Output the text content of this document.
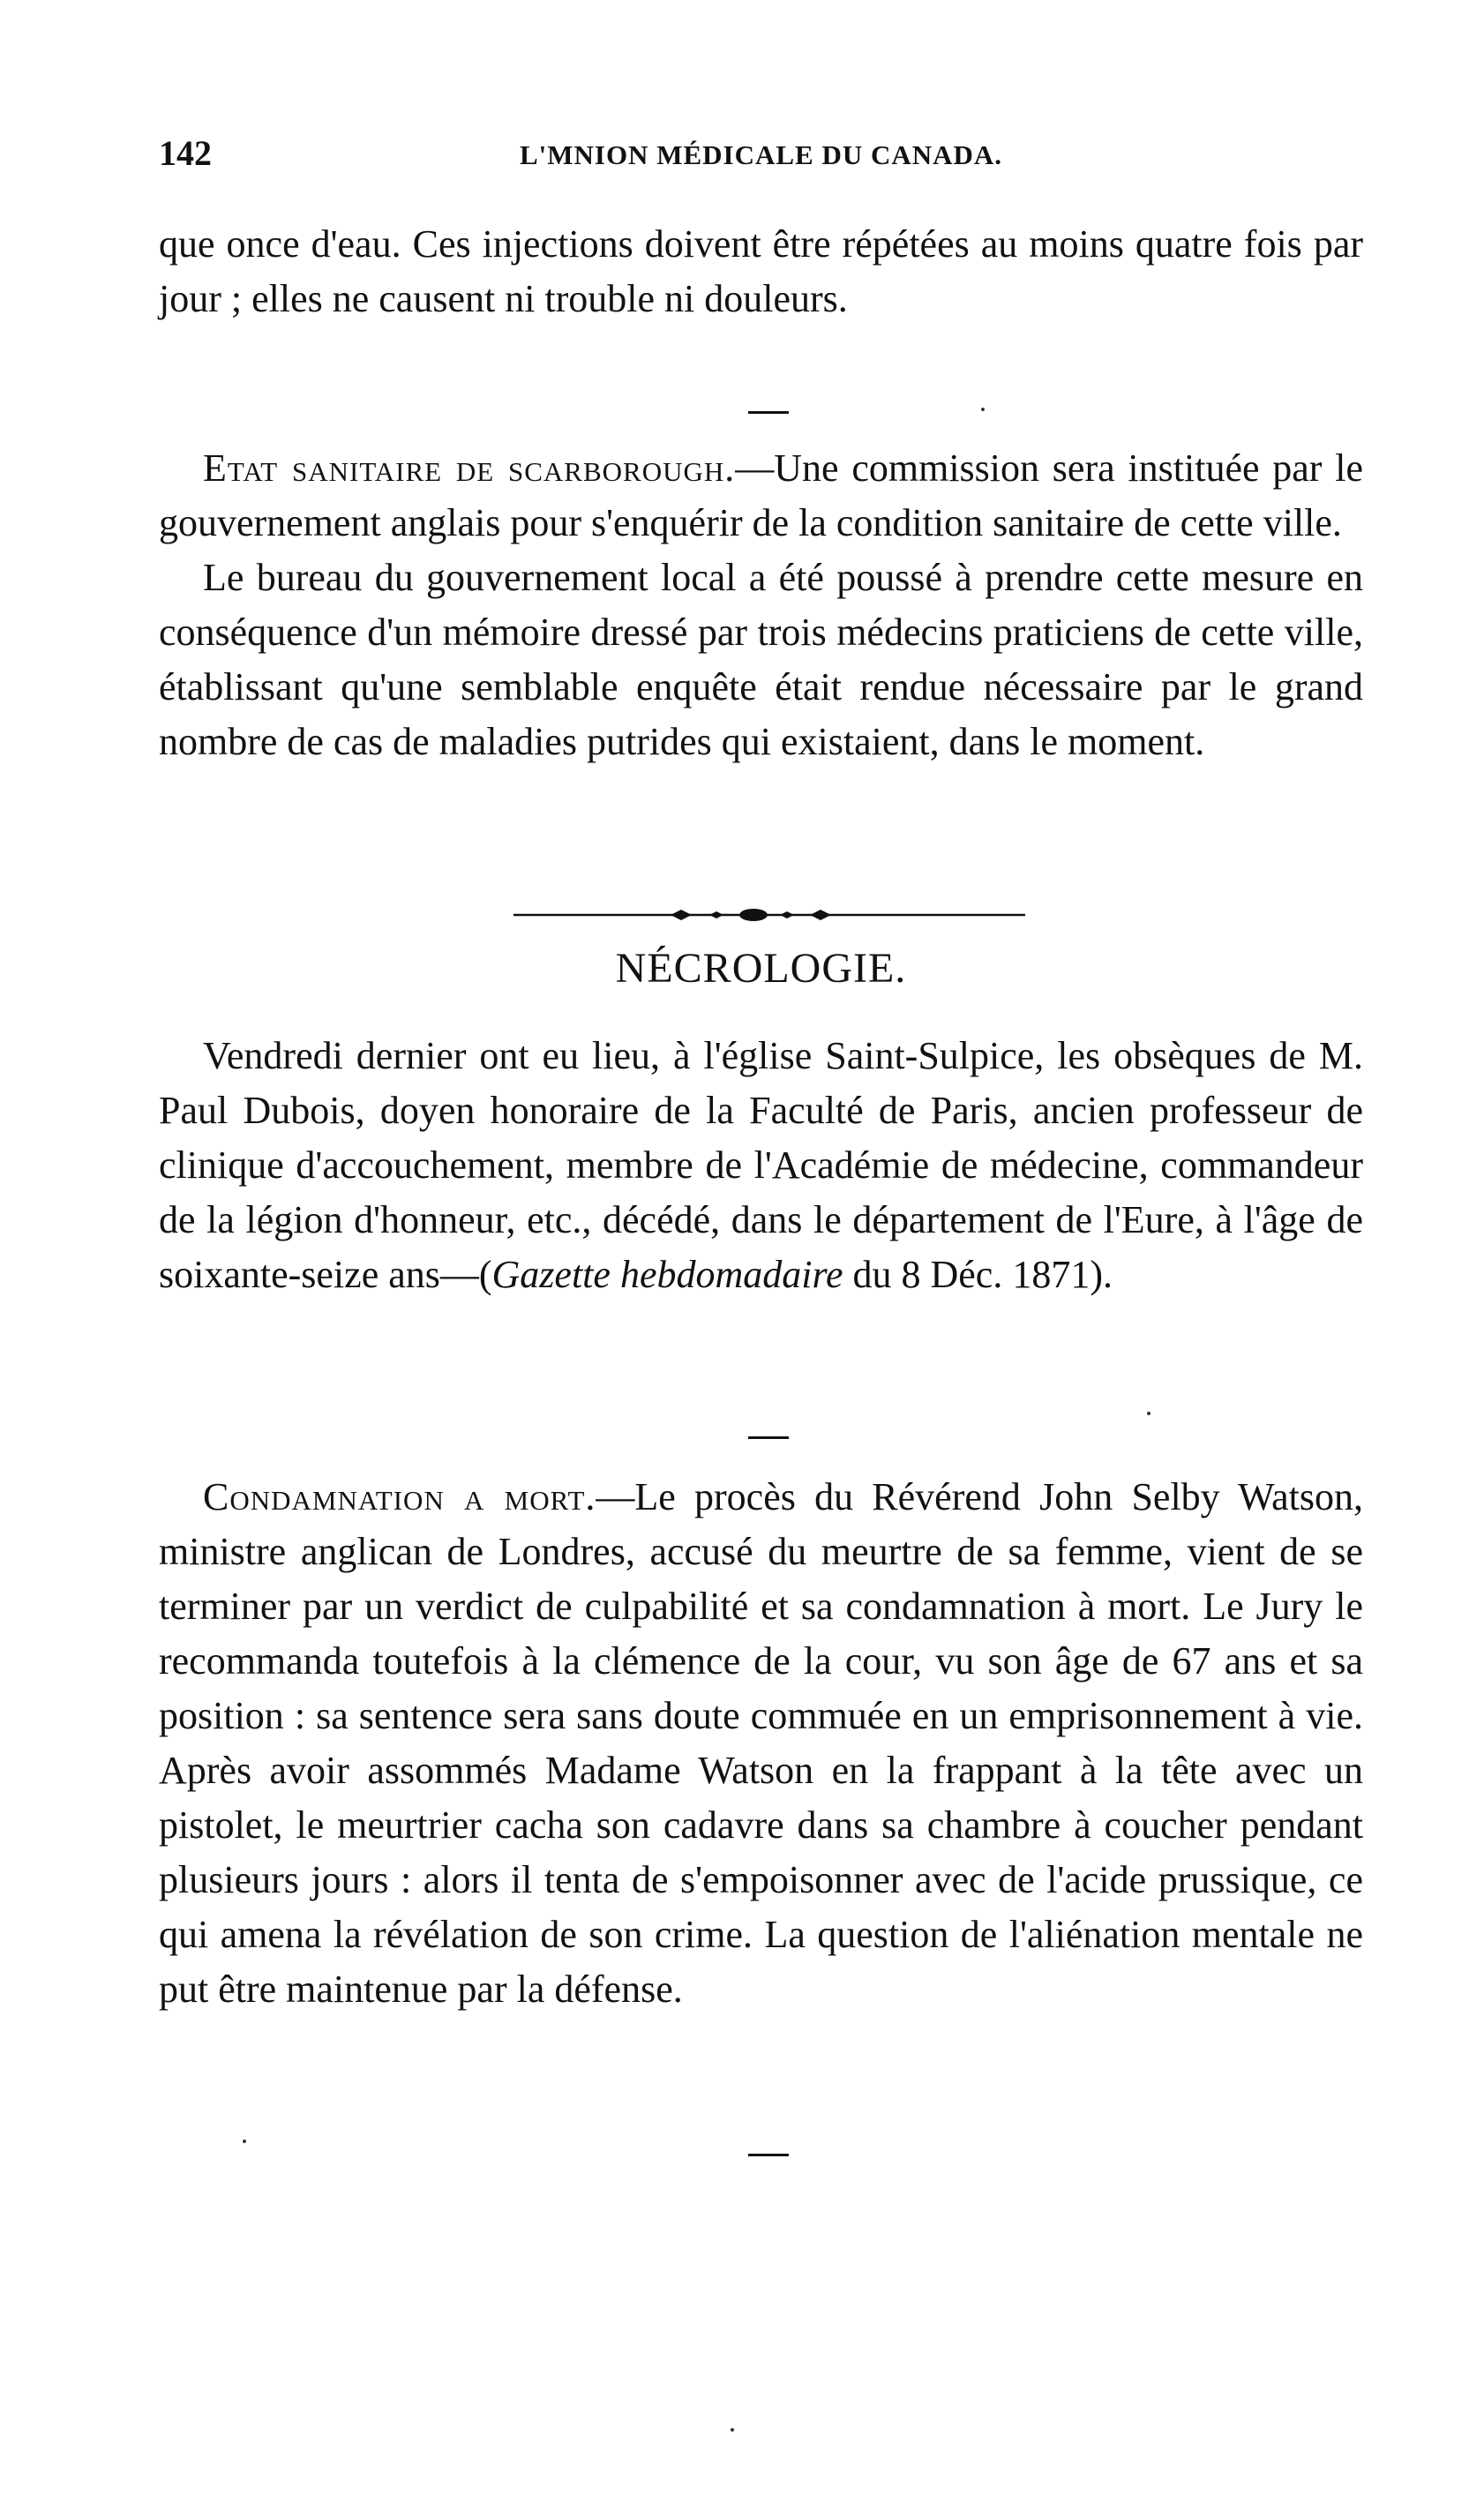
142	L'MNION MÉDICALE DU CANADA.

que once d'eau. Ces injections doivent être répétées au moins quatre fois par jour ; elles ne causent ni trouble ni douleurs.

Etat sanitaire de scarborough.—Une commission sera instituée par le gouvernement anglais pour s'enquérir de la condition sanitaire de cette ville.

Le bureau du gouvernement local a été poussé à prendre cette mesure en conséquence d'un mémoire dressé par trois médecins praticiens de cette ville, établissant qu'une semblable enquête était rendue nécessaire par le grand nombre de cas de maladies putrides qui existaient, dans le moment.

NÉCROLOGIE.

Vendredi dernier ont eu lieu, à l'église Saint-Sulpice, les obsèques de M. Paul Dubois, doyen honoraire de la Faculté de Paris, ancien professeur de clinique d'accouchement, membre de l'Académie de médecine, commandeur de la légion d'honneur, etc., décédé, dans le département de l'Eure, à l'âge de soixante-seize ans—(Gazette hebdomadaire du 8 Déc. 1871).

Condamnation a mort.—Le procès du Révérend John Selby Watson, ministre anglican de Londres, accusé du meurtre de sa femme, vient de se terminer par un verdict de culpabilité et sa condamnation à mort. Le Jury le recommanda toutefois à la clémence de la cour, vu son âge de 67 ans et sa position : sa sentence sera sans doute commuée en un emprisonnement à vie. Après avoir assommés Madame Watson en la frappant à la tête avec un pistolet, le meurtrier cacha son cadavre dans sa chambre à coucher pendant plusieurs jours : alors il tenta de s'empoisonner avec de l'acide prussique, ce qui amena la révélation de son crime. La question de l'aliénation mentale ne put être maintenue par la défense.
